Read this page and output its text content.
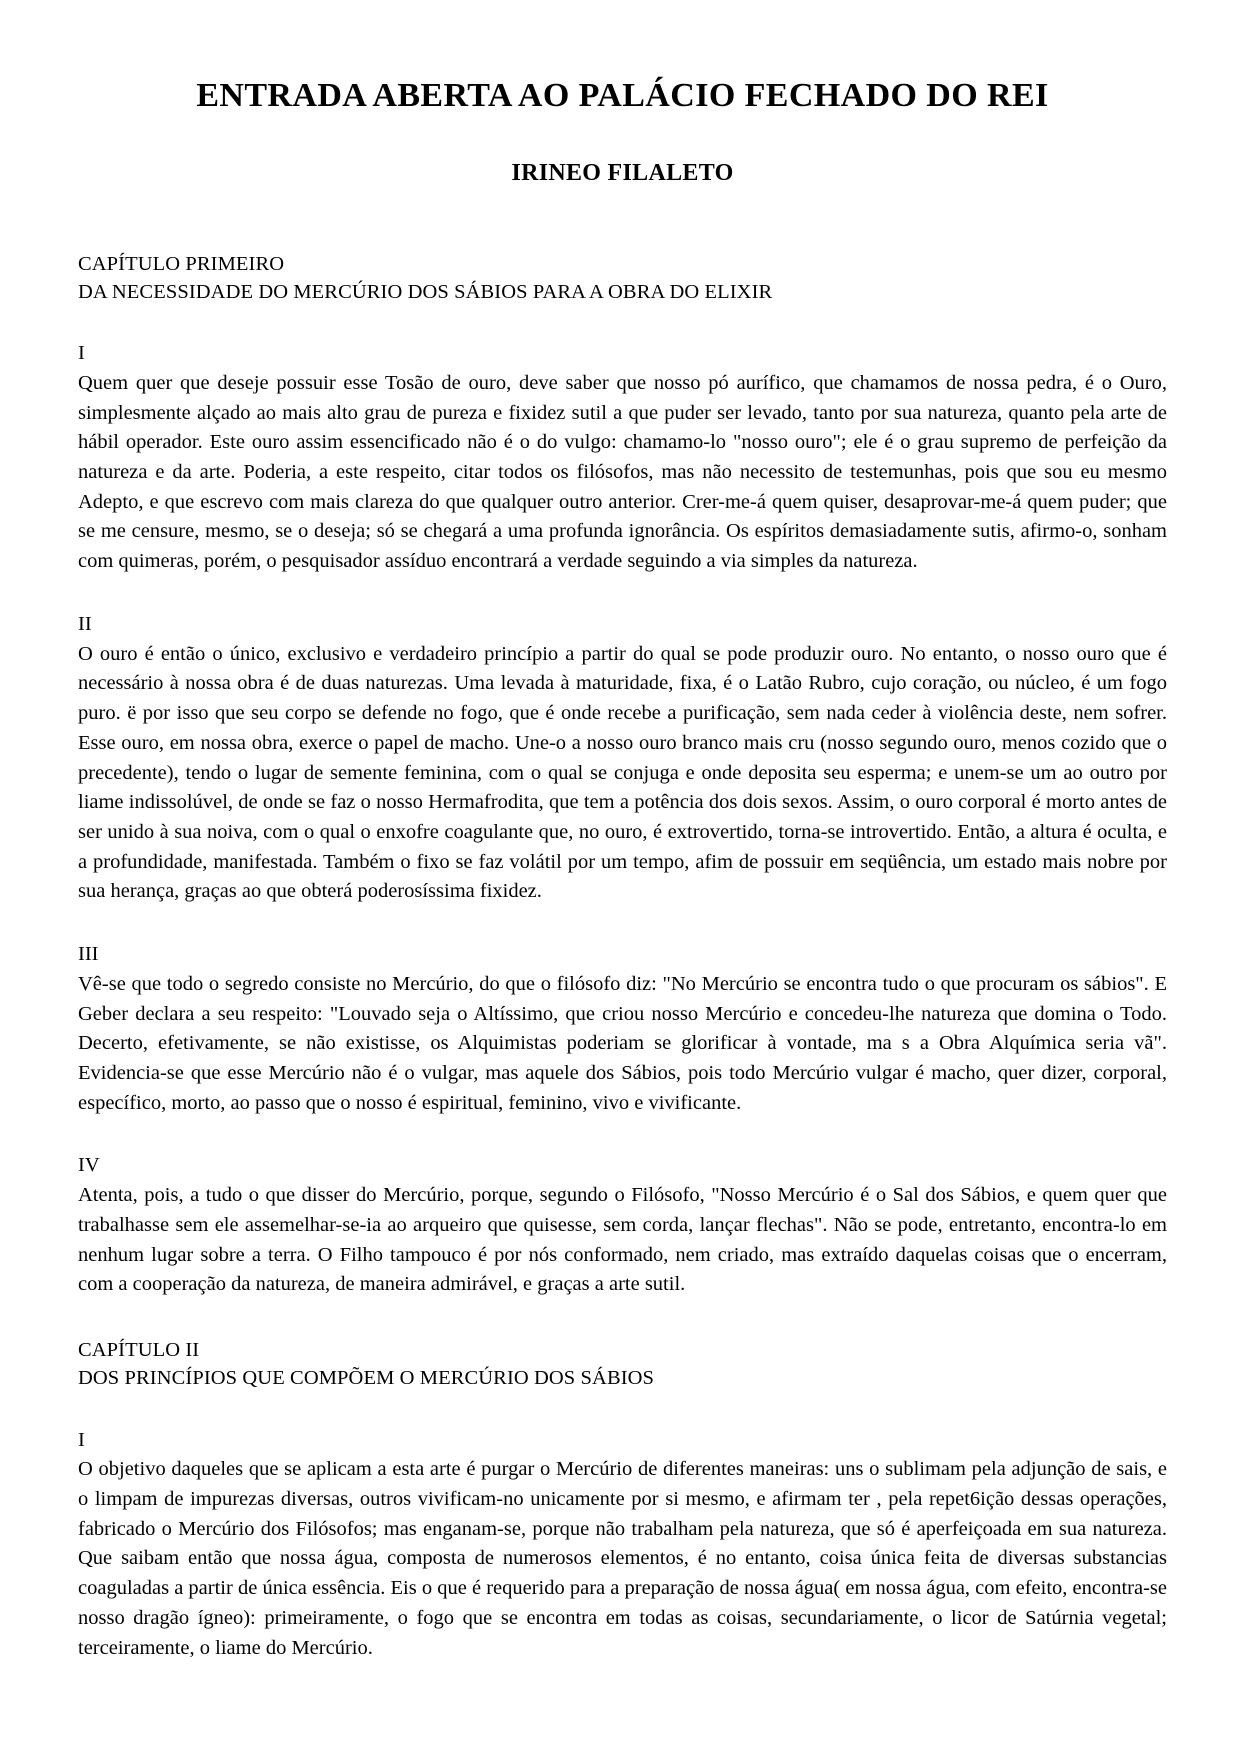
ENTRADA ABERTA AO PALÁCIO FECHADO DO REI
IRINEO FILALETO
CAPÍTULO PRIMEIRO
DA NECESSIDADE DO MERCÚRIO DOS SÁBIOS PARA A OBRA DO ELIXIR
I

Quem quer que deseje possuir esse Tosão de ouro, deve saber que nosso pó aurífico, que chamamos de nossa pedra, é o Ouro, simplesmente alçado ao mais alto grau de pureza e fixidez sutil a que puder ser levado, tanto por sua natureza, quanto pela arte de hábil operador. Este ouro assim essencificado não é o do vulgo: chamamo-lo "nosso ouro"; ele é o grau supremo de perfeição da natureza e da arte. Poderia, a este respeito, citar todos os filósofos, mas não necessito de testemunhas, pois que sou eu mesmo Adepto, e que escrevo com mais clareza do que qualquer outro anterior. Crer-me-á quem quiser, desaprovar-me-á quem puder; que se me censure, mesmo, se o deseja; só se chegará a uma profunda ignorância. Os espíritos demasiadamente sutis, afirmo-o, sonham com quimeras, porém, o pesquisador assíduo encontrará a verdade seguindo a via simples da natureza.

II

O ouro é então o único, exclusivo e verdadeiro princípio a partir do qual se pode produzir ouro. No entanto, o nosso ouro que é necessário à nossa obra é de duas naturezas. Uma levada à maturidade, fixa, é o Latão Rubro, cujo coração, ou núcleo, é um fogo puro. ë por isso que seu corpo se defende no fogo, que é onde recebe a purificação, sem nada ceder à violência deste, nem sofrer. Esse ouro, em nossa obra, exerce o papel de macho. Une-o a nosso ouro branco mais cru (nosso segundo ouro, menos cozido que o precedente), tendo o lugar de semente feminina, com o qual se conjuga e onde deposita seu esperma; e unem-se um ao outro por liame indissolúvel, de onde se faz o nosso Hermafrodita, que tem a potência dos dois sexos. Assim, o ouro corporal é morto antes de ser unido à sua noiva, com o qual o enxofre coagulante que, no ouro, é extrovertido, torna-se introvertido. Então, a altura é oculta, e a profundidade, manifestada. Também o fixo se faz volátil por um tempo, afim de possuir em seqüência, um estado mais nobre por sua herança, graças ao que obterá poderosíssima fixidez.

III

Vê-se que todo o segredo consiste no Mercúrio, do que o filósofo diz: "No Mercúrio se encontra tudo o que procuram os sábios". E Geber declara a seu respeito: "Louvado seja o Altíssimo, que criou nosso Mercúrio e concedeu-lhe natureza que domina o Todo. Decerto, efetivamente, se não existisse, os Alquimistas poderiam se glorificar à vontade, ma s a Obra Alquímica seria vã". Evidencia-se que esse Mercúrio não é o vulgar, mas aquele dos Sábios, pois todo Mercúrio vulgar é macho, quer dizer, corporal, específico, morto, ao passo que o nosso é espiritual, feminino, vivo e vivificante.

IV

Atenta, pois, a tudo o que disser do Mercúrio, porque, segundo o Filósofo, "Nosso Mercúrio é o Sal dos Sábios, e quem quer que trabalhasse sem ele assemelhar-se-ia ao arqueiro que quisesse, sem corda, lançar flechas". Não se pode, entretanto, encontra-lo em nenhum lugar sobre a terra. O Filho tampouco é por nós conformado, nem criado, mas extraído daquelas coisas que o encerram, com a cooperação da natureza, de maneira admirável, e graças a arte sutil.

CAPÍTULO II
DOS PRINCÍPIOS QUE COMPÕEM O MERCÚRIO DOS SÁBIOS
I

O objetivo daqueles que se aplicam a esta arte é purgar o Mercúrio de diferentes maneiras: uns o sublimam pela adjunção de sais, e o limpam de impurezas diversas, outros vivificam-no unicamente por si mesmo, e afirmam ter , pela repet6ição dessas operações, fabricado o Mercúrio dos Filósofos; mas enganam-se, porque não trabalham pela natureza, que só é aperfeiçoada em sua natureza. Que saibam então que nossa água, composta de numerosos elementos, é no entanto, coisa única feita de diversas substancias coaguladas a partir de única essência. Eis o que é requerido para a preparação de nossa água( em nossa água, com efeito, encontra-se nosso dragão ígneo): primeiramente, o fogo que se encontra em todas as coisas, secundariamente, o licor de Satúrnia vegetal; terceiramente, o liame do Mercúrio.
